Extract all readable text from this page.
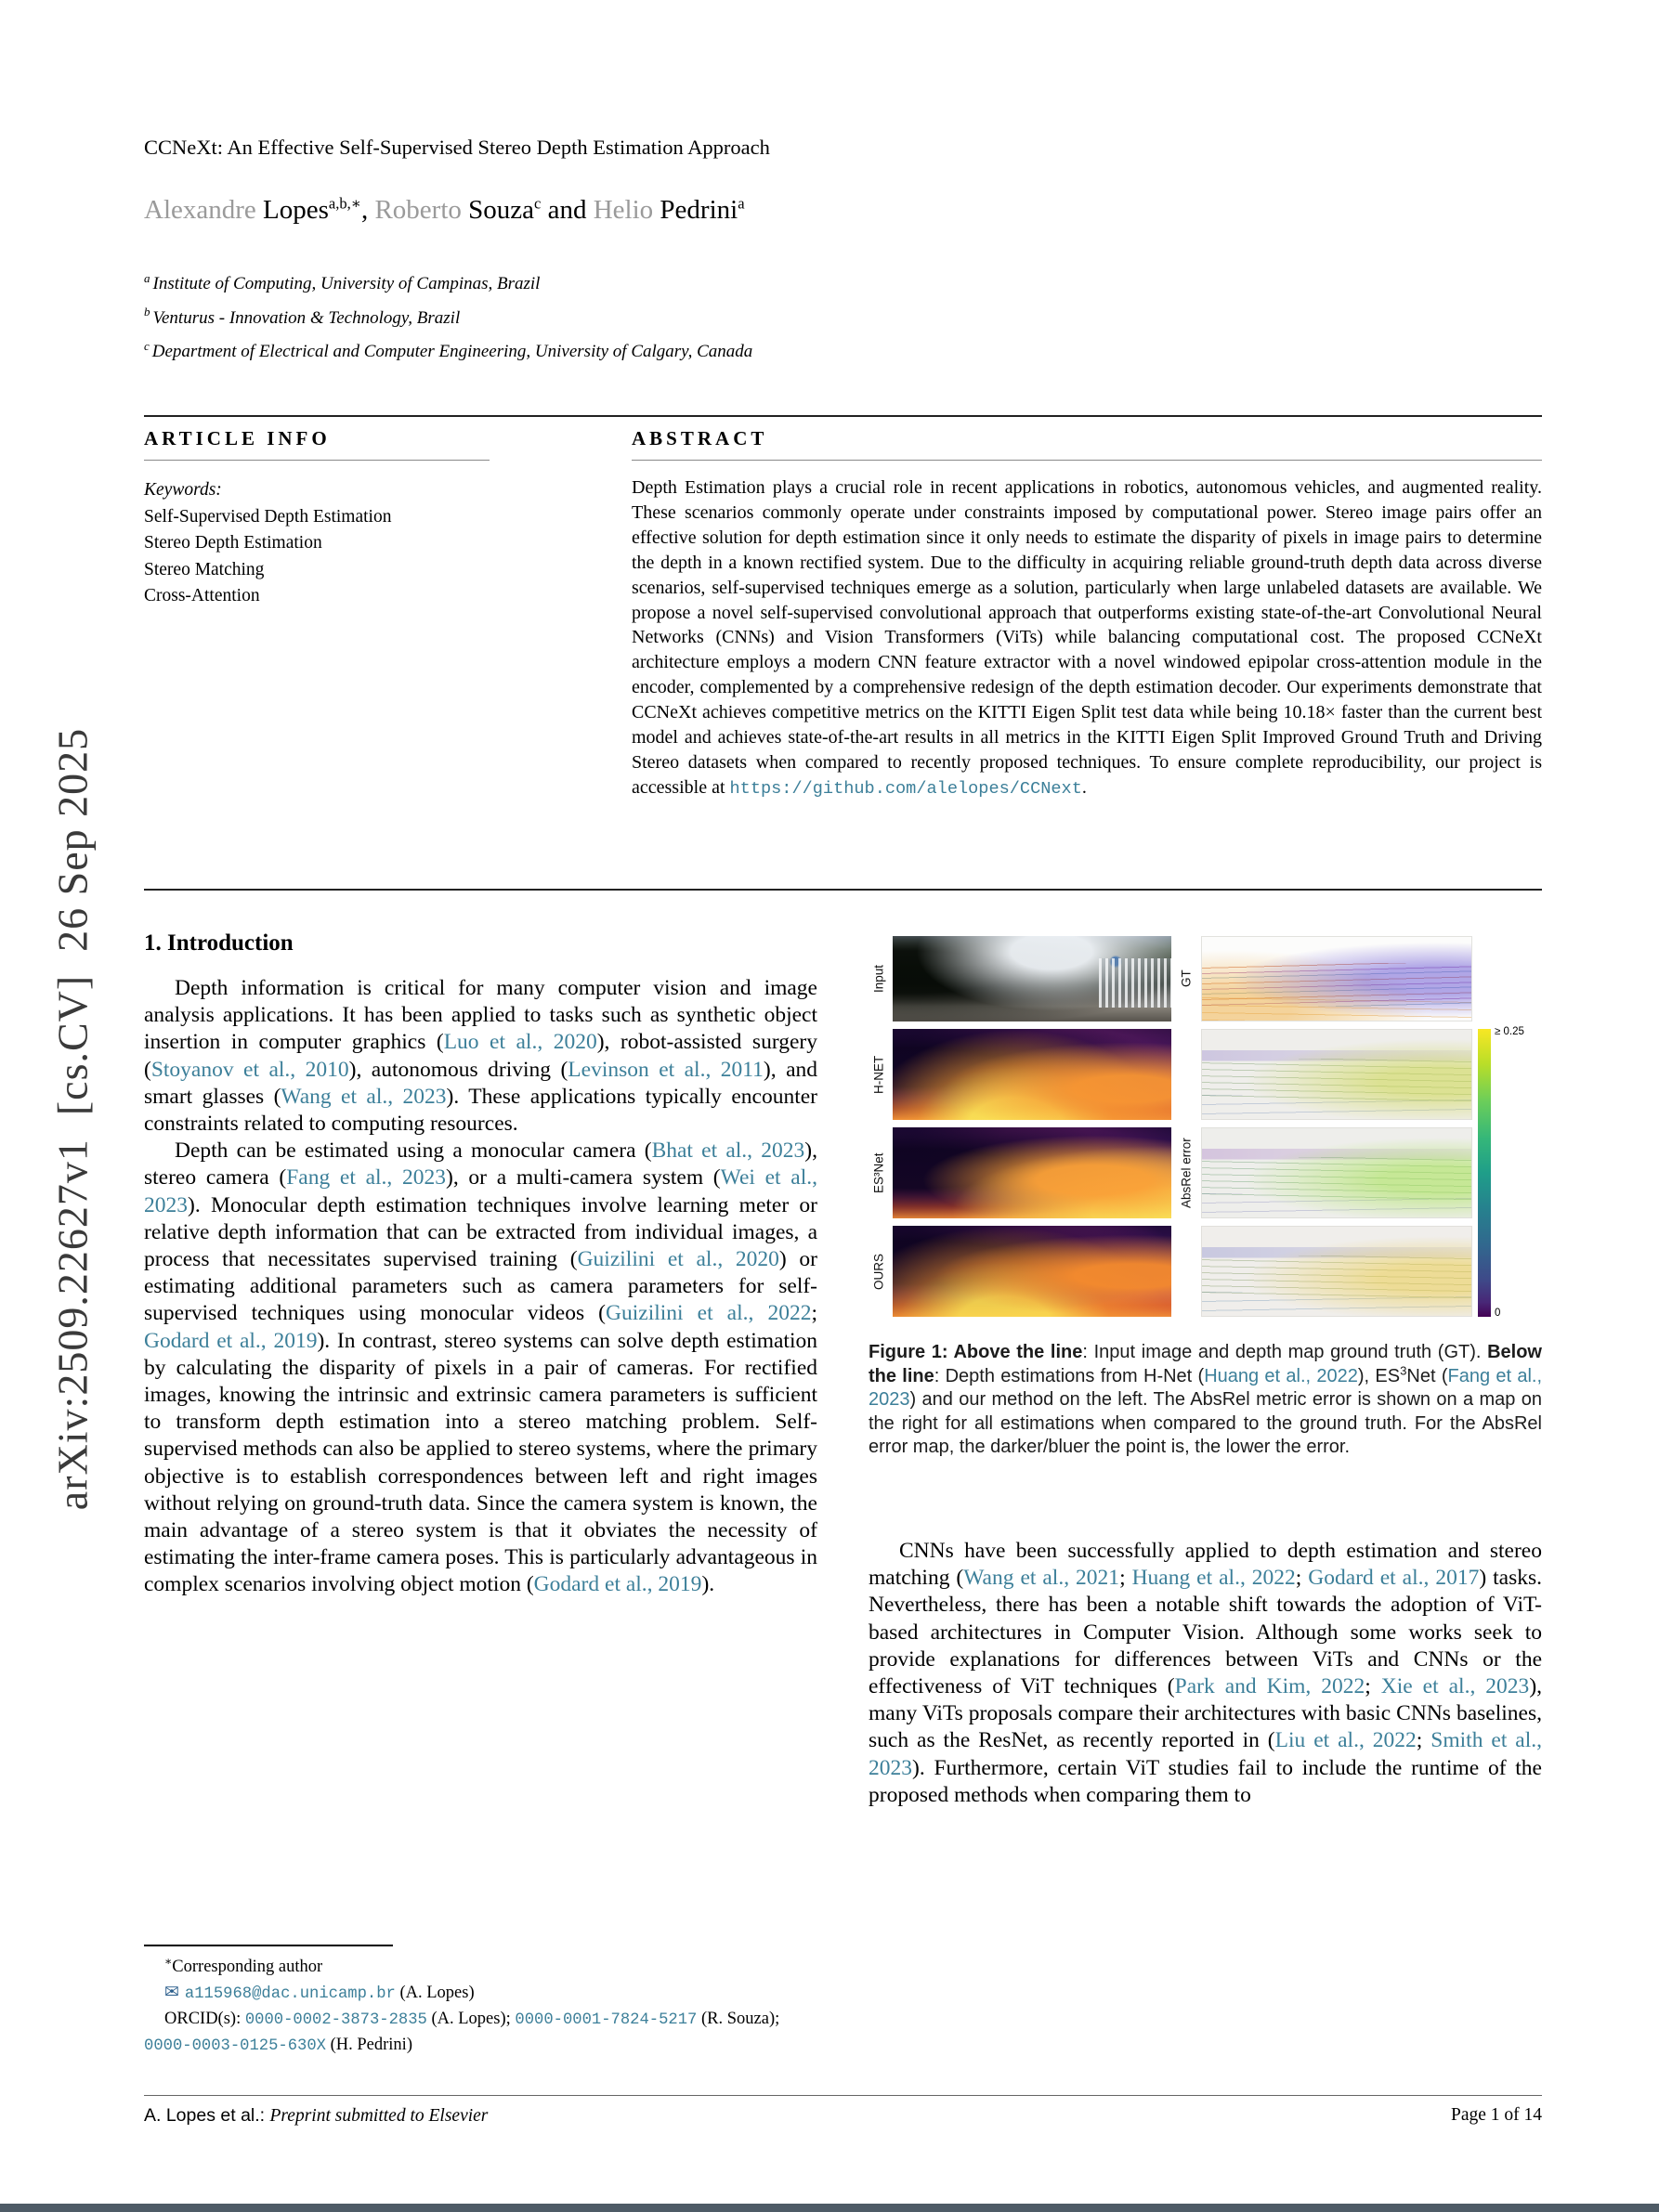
arXiv:2509.22627v1  [cs.CV]  26 Sep 2025
CCNeXt: An Effective Self-Supervised Stereo Depth Estimation Approach
Alexandre Lopes$^{a,b,∗}$, Roberto Souza$^c$ and Helio Pedrini$^a$
$^a$ Institute of Computing, University of Campinas, Brazil
$^b$ Venturus - Innovation & Technology, Brazil
$^c$ Department of Electrical and Computer Engineering, University of Calgary, Canada
ARTICLE INFO
Keywords:
Self-Supervised Depth Estimation
Stereo Depth Estimation
Stereo Matching
Cross-Attention
ABSTRACT

Depth Estimation plays a crucial role in recent applications in robotics, autonomous vehicles, and augmented reality. These scenarios commonly operate under constraints imposed by computational power. Stereo image pairs offer an effective solution for depth estimation since it only needs to estimate the disparity of pixels in image pairs to determine the depth in a known rectified system. Due to the difficulty in acquiring reliable ground-truth depth data across diverse scenarios, self-supervised techniques emerge as a solution, particularly when large unlabeled datasets are available. We propose a novel self-supervised convolutional approach that outperforms existing state-of-the-art Convolutional Neural Networks (CNNs) and Vision Transformers (ViTs) while balancing computational cost. The proposed CCNeXt architecture employs a modern CNN feature extractor with a novel windowed epipolar cross-attention module in the encoder, complemented by a comprehensive redesign of the depth estimation decoder. Our experiments demonstrate that CCNeXt achieves competitive metrics on the KITTI Eigen Split test data while being 10.18× faster than the current best model and achieves state-of-the-art results in all metrics in the KITTI Eigen Split Improved Ground Truth and Driving Stereo datasets when compared to recently proposed techniques. To ensure complete reproducibility, our project is accessible at https://github.com/alelopes/CCNext.

1. Introduction

Depth information is critical for many computer vision and image analysis applications. It has been applied to tasks such as synthetic object insertion in computer graphics (Luo et al., 2020), robot-assisted surgery (Stoyanov et al., 2010), autonomous driving (Levinson et al., 2011), and smart glasses (Wang et al., 2023). These applications typically encounter constraints related to computing resources.

Depth can be estimated using a monocular camera (Bhat et al., 2023), stereo camera (Fang et al., 2023), or a multi-camera system (Wei et al., 2023). Monocular depth estimation techniques involve learning meter or relative depth information that can be extracted from individual images, a process that necessitates supervised training (Guizilini et al., 2020) or estimating additional parameters such as camera parameters for self-supervised techniques using monocular videos (Guizilini et al., 2022; Godard et al., 2019). In contrast, stereo systems can solve depth estimation by calculating the disparity of pixels in a pair of cameras. For rectified images, knowing the intrinsic and extrinsic camera parameters is sufficient to transform depth estimation into a stereo matching problem. Self-supervised methods can also be applied to stereo systems, where the primary objective is to establish correspondences between left and right images without relying on ground-truth data. Since the camera system is known, the main advantage of a stereo system is that it obviates the necessity of estimating the inter-frame camera poses. This is particularly advantageous in complex scenarios involving object motion (Godard et al., 2019).

Input	GT
H-NET
AbsRel error
≥ 0.25
0
ES³Net
OURS

Figure 1: Above the line: Input image and depth map ground truth (GT). Below the line: Depth estimations from H-Net (Huang et al., 2022), $ES^3Net$ (Fang et al., 2023) and our method on the left. The AbsRel metric error is shown on a map on the right for all estimations when compared to the ground truth. For the AbsRel error map, the darker/bluer the point is, the lower the error.

CNNs have been successfully applied to depth estimation and stereo matching (Wang et al., 2021; Huang et al., 2022; Godard et al., 2017) tasks. Nevertheless, there has been a notable shift towards the adoption of ViT-based architectures in Computer Vision. Although some works seek to provide explanations for differences between ViTs and CNNs or the effectiveness of ViT techniques (Park and Kim, 2022; Xie et al., 2023), many ViTs proposals compare their architectures with basic CNNs baselines, such as the ResNet, as recently reported in (Liu et al., 2022; Smith et al., 2023). Furthermore, certain ViT studies fail to include the runtime of the proposed methods when comparing them to

∗Corresponding author
✉ a115968@dac.unicamp.br (A. Lopes)

ORCID(s): 0000-0002-3873-2835 (A. Lopes); 0000-0001-7824-5217 (R. Souza); 0000-0003-0125-630X (H. Pedrini)

A. Lopes et al.: Preprint submitted to Elsevier	Page 1 of 14
